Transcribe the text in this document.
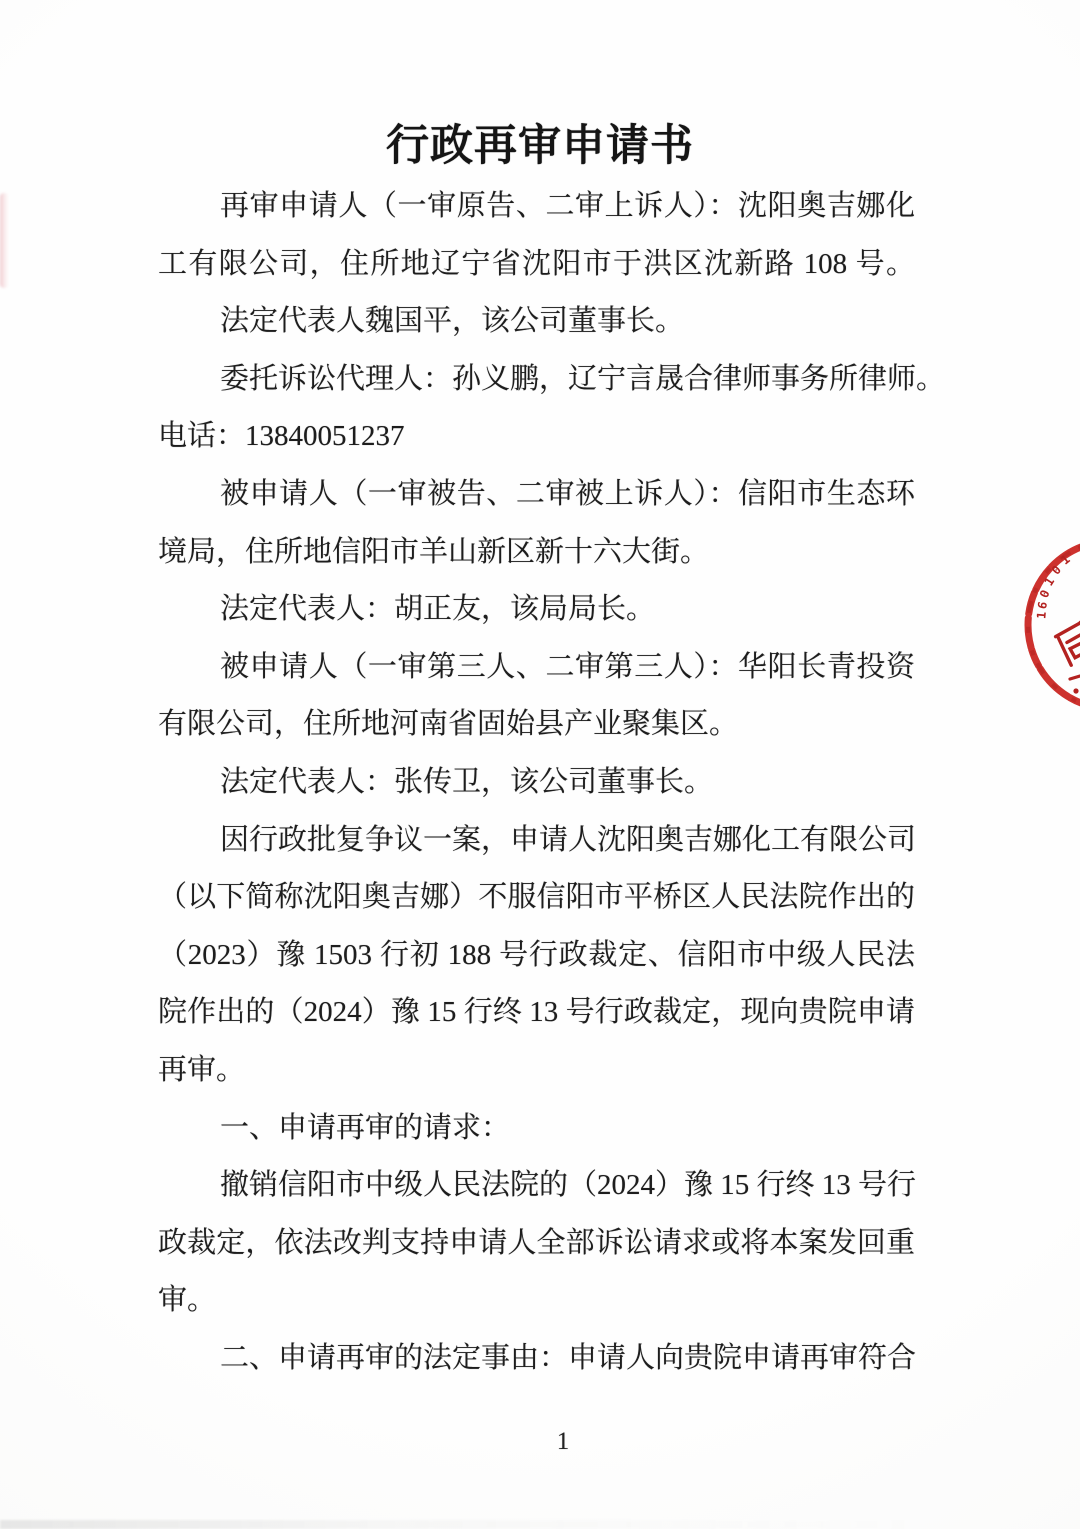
行政再审申请书
再审申请人（一审原告、二审上诉人）：沈阳奥吉娜化
工有限公司，住所地辽宁省沈阳市于洪区沈新路 108 号。
法定代表人魏国平，该公司董事长。
委托诉讼代理人：孙义鹏，辽宁言晟合律师事务所律师。
电话：13840051237
被申请人（一审被告、二审被上诉人）：信阳市生态环
境局，住所地信阳市羊山新区新十六大街。
法定代表人：胡正友，该局局长。
被申请人（一审第三人、二审第三人）：华阳长青投资
有限公司，住所地河南省固始县产业聚集区。
法定代表人：张传卫，该公司董事长。
因行政批复争议一案，申请人沈阳奥吉娜化工有限公司
（以下简称沈阳奥吉娜）不服信阳市平桥区人民法院作出的
（2023）豫 1503 行初 188 号行政裁定、信阳市中级人民法
院作出的（2024）豫 15 行终 13 号行政裁定，现向贵院申请
再审。
一、申请再审的请求：
撤销信阳市中级人民法院的（2024）豫 15 行终 13 号行
政裁定，依法改判支持申请人全部诉讼请求或将本案发回重
审。
二、申请再审的法定事由：申请人向贵院申请再审符合
1
0
1
0
6
1
1
